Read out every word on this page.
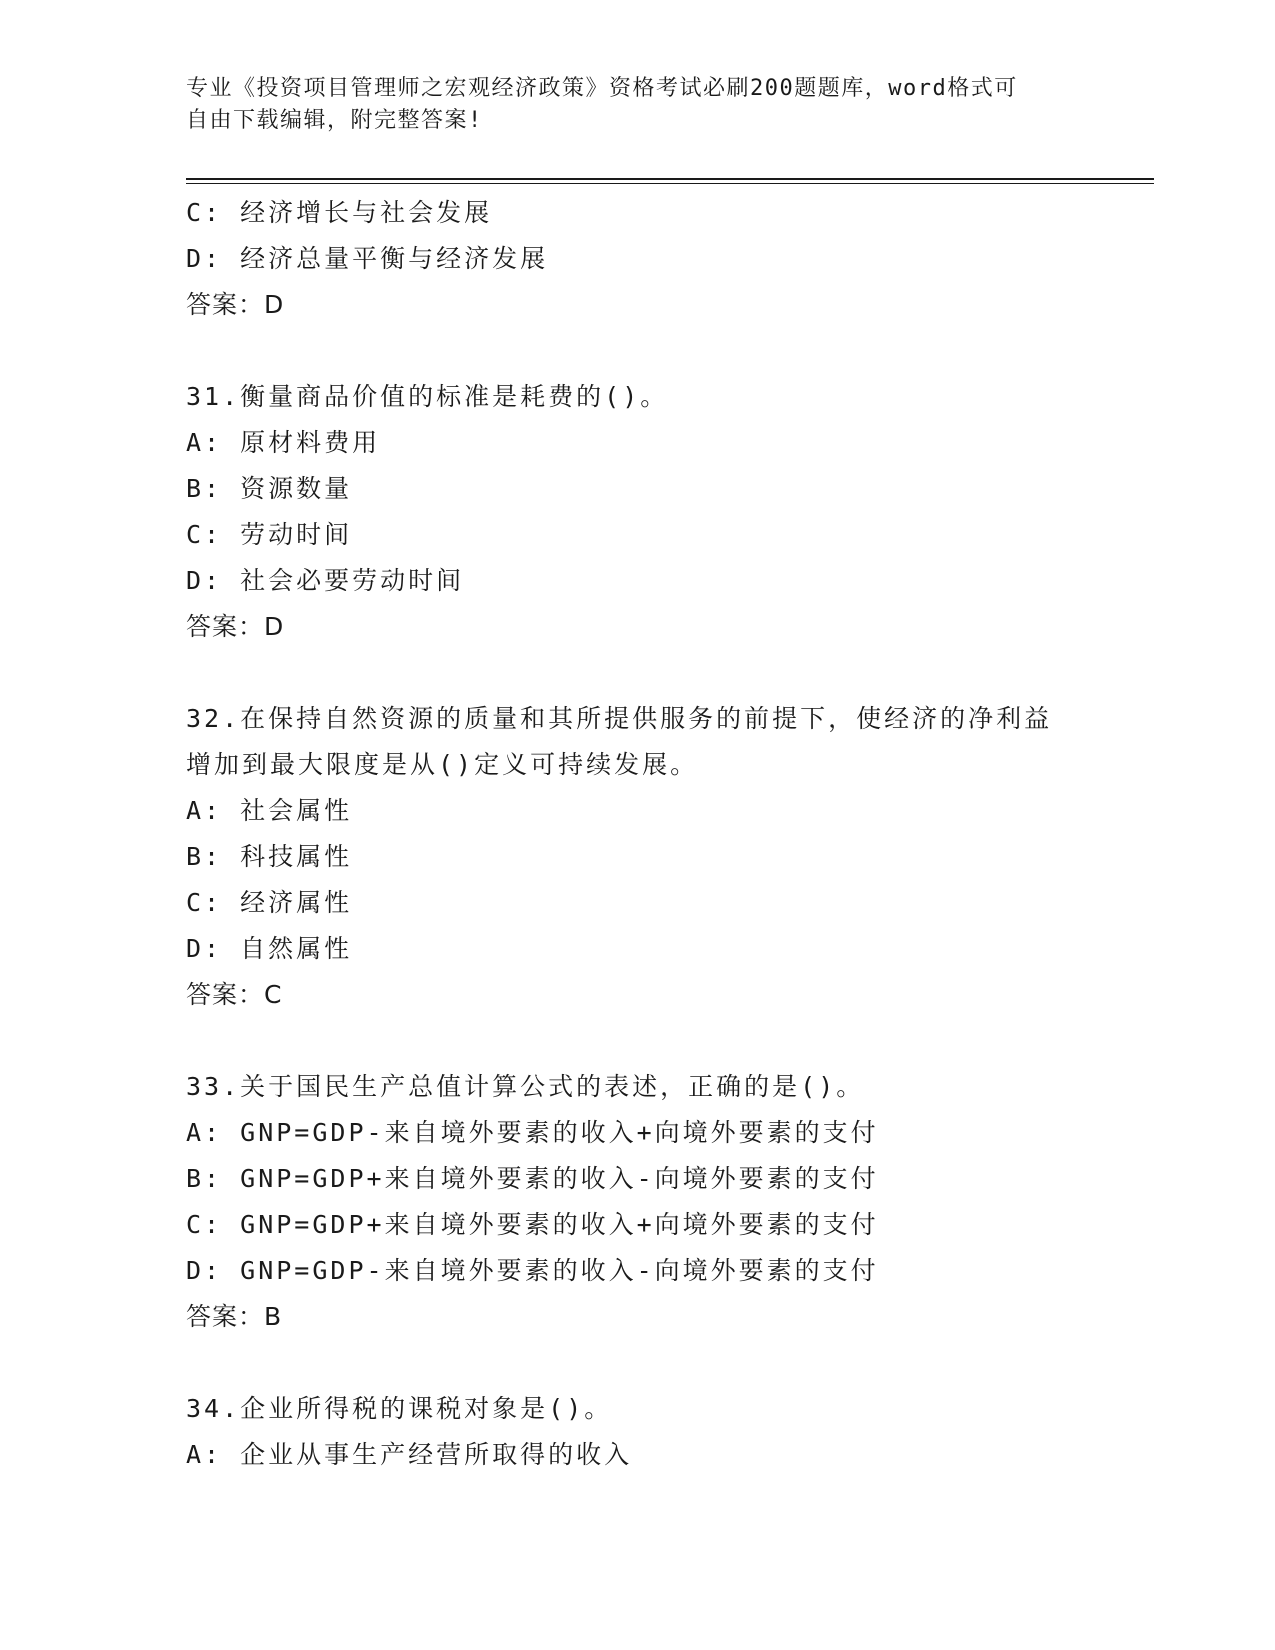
专业《投资项目管理师之宏观经济政策》资格考试必刷200题题库，word格式可
自由下载编辑，附完整答案!
C: 经济增长与社会发展
D: 经济总量平衡与经济发展
答案：D
31.衡量商品价值的标准是耗费的()。
A: 原材料费用
B: 资源数量
C: 劳动时间
D: 社会必要劳动时间
答案：D
32.在保持自然资源的质量和其所提供服务的前提下，使经济的净利益
增加到最大限度是从()定义可持续发展。
A: 社会属性
B: 科技属性
C: 经济属性
D: 自然属性
答案：C
33.关于国民生产总值计算公式的表述，正确的是()。
A: GNP=GDP-来自境外要素的收入+向境外要素的支付
B: GNP=GDP+来自境外要素的收入-向境外要素的支付
C: GNP=GDP+来自境外要素的收入+向境外要素的支付
D: GNP=GDP-来自境外要素的收入-向境外要素的支付
答案：B
34.企业所得税的课税对象是()。
A: 企业从事生产经营所取得的收入
